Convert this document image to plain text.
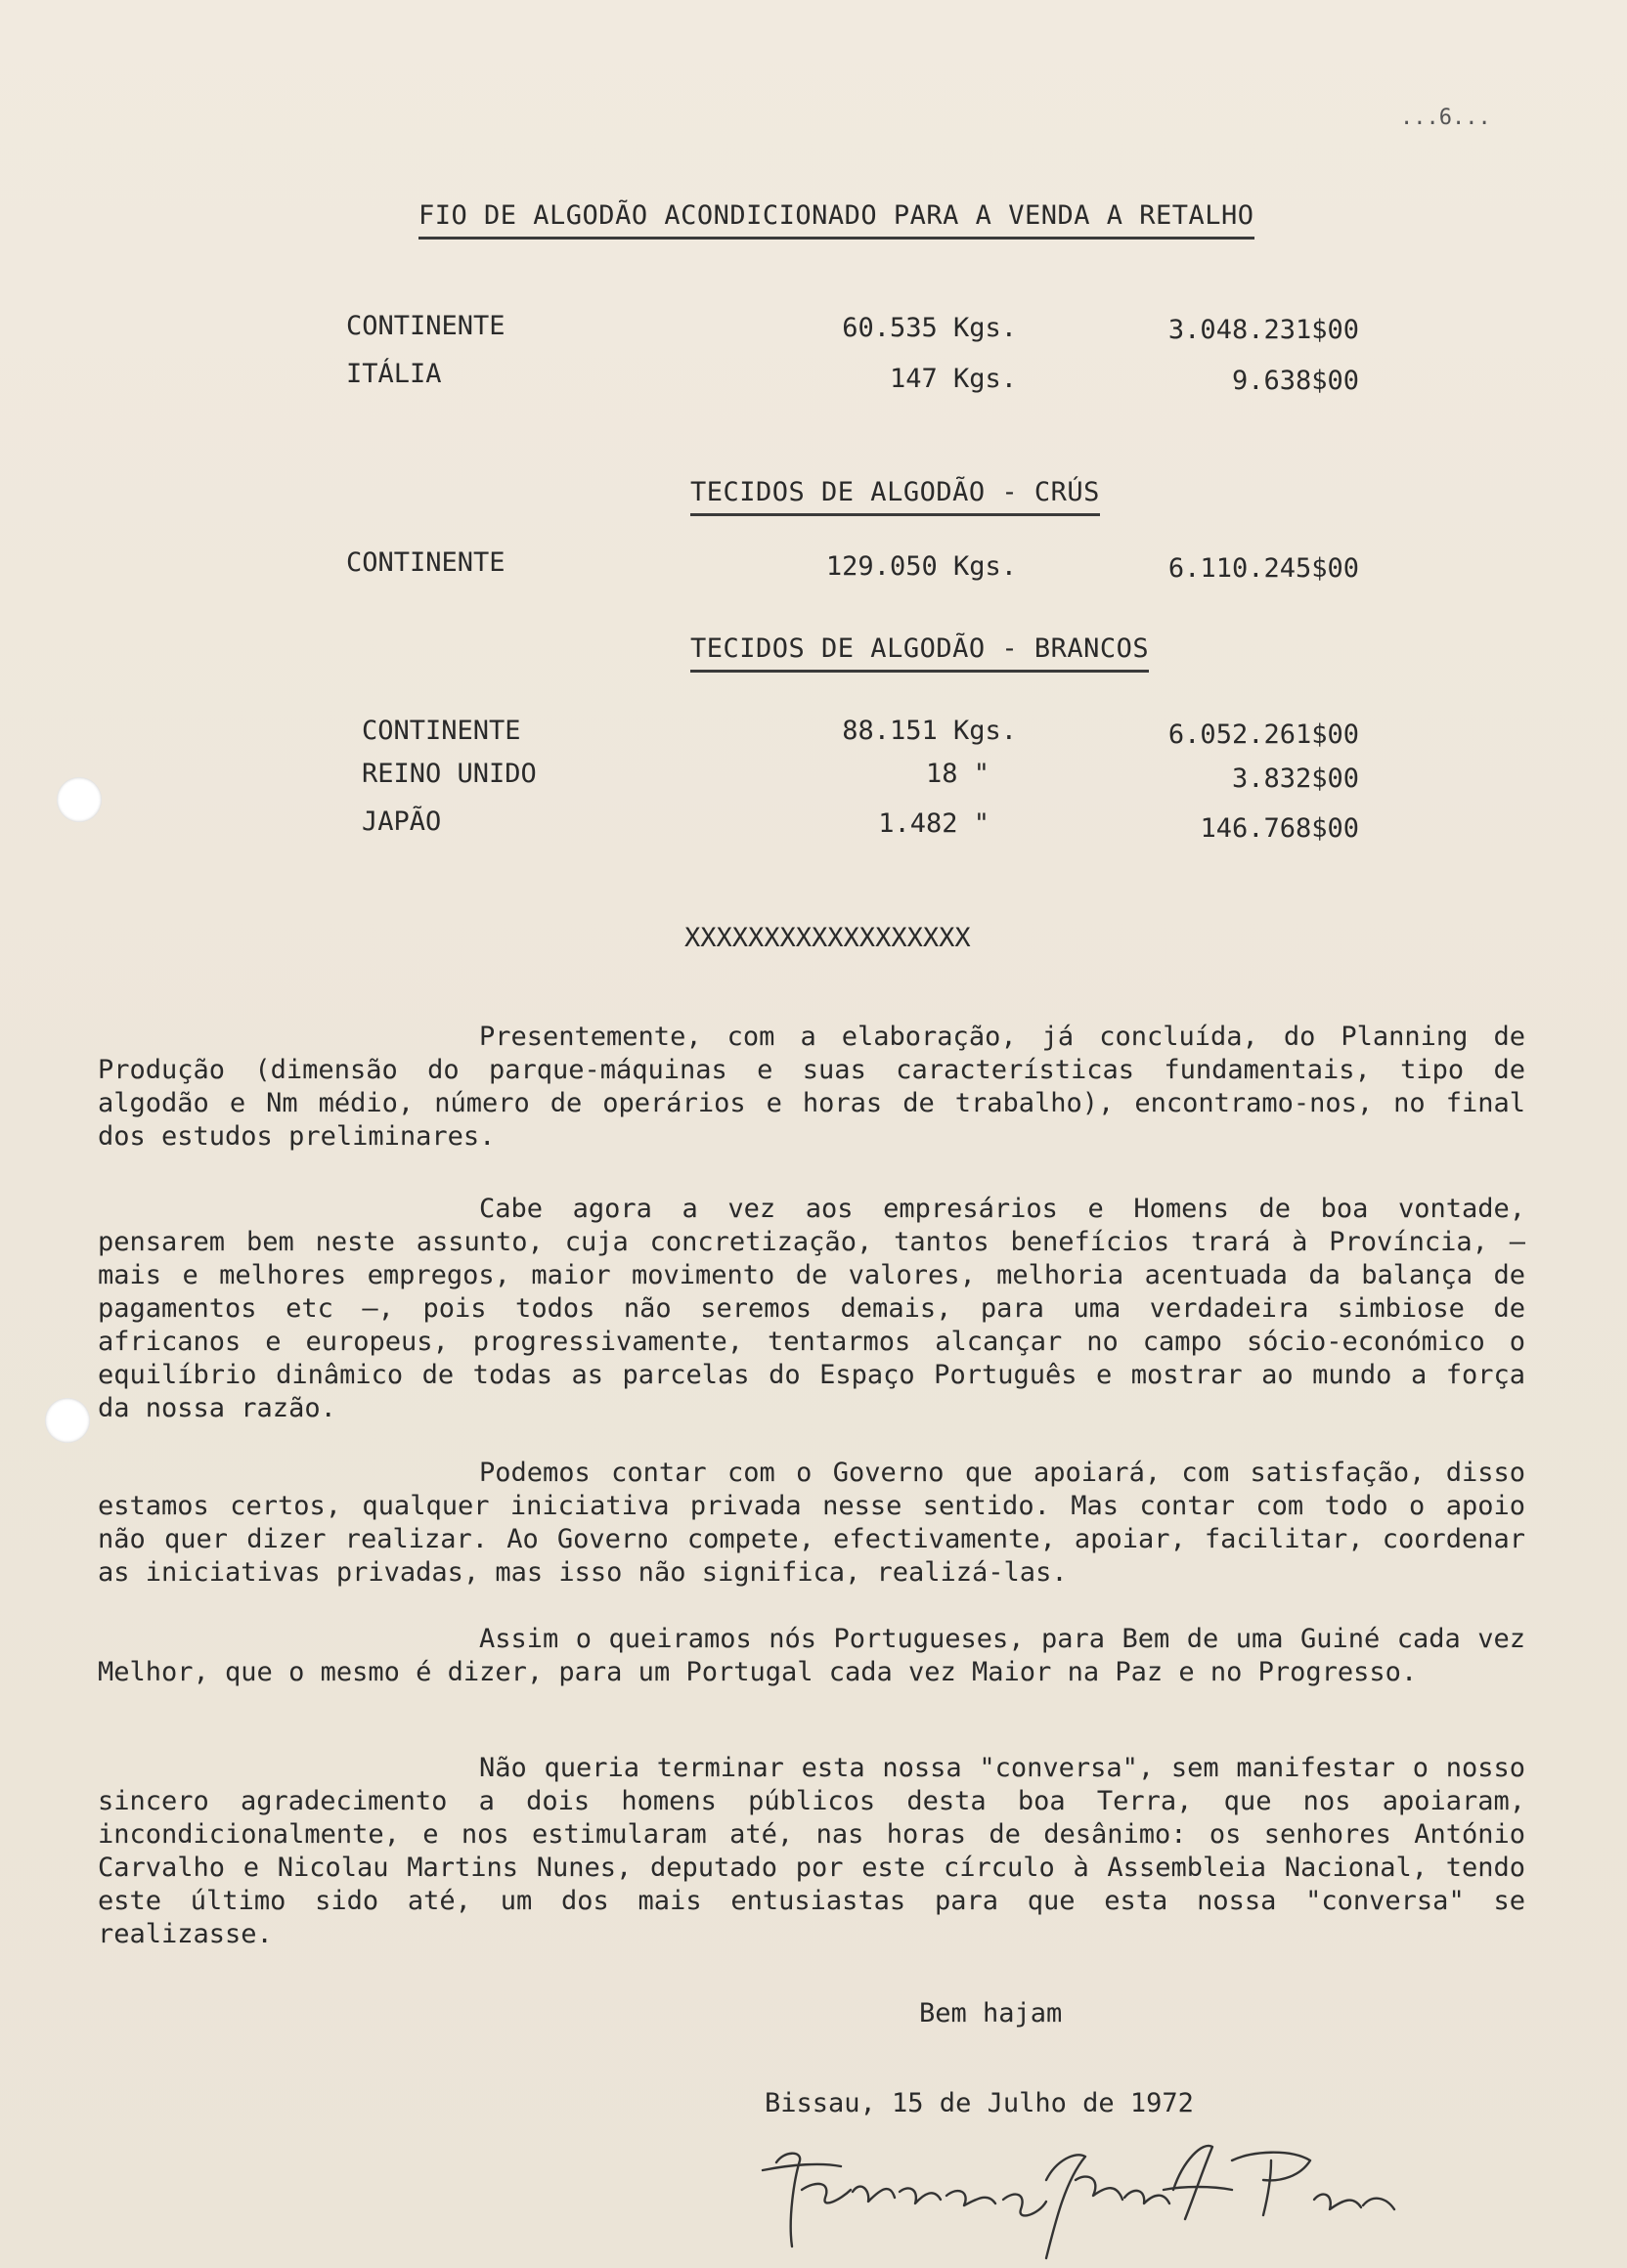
...6...
FIO DE ALGODÃO ACONDICIONADO PARA A VENDA A RETALHO
CONTINENTE	60.535 Kgs.	3.048.231$00
ITÁLIA	147 Kgs.	9.638$00
TECIDOS DE ALGODÃO - CRÚS
CONTINENTE	129.050 Kgs.	6.110.245$00
TECIDOS DE ALGODÃO - BRANCOS
CONTINENTE	88.151 Kgs.	6.052.261$00
REINO UNIDO	18 "	3.832$00
JAPÃO	1.482 "	146.768$00
XXXXXXXXXXXXXXXXXX
Presentemente, com a elaboração, já concluída, do Planning de Produção (dimensão do parque-máquinas e suas características fundamentais, tipo de algodão e Nm médio, número de operários e horas de trabalho), encontramo-nos, no final dos estudos preliminares.
Cabe agora a vez aos empresários e Homens de boa vontade, pensarem bem neste assunto, cuja concretização, tantos benefícios trará à Província, — mais e melhores empregos, maior movimento de valores, melhoria acentuada da balança de pagamentos etc —, pois todos não seremos demais, para uma verdadeira simbiose de africanos e europeus, progressivamente, tentarmos alcançar no campo sócio-económico o equilíbrio dinâmico de todas as parcelas do Espaço Português e mostrar ao mundo a força da nossa razão.
Podemos contar com o Governo que apoiará, com satisfação, disso estamos certos, qualquer iniciativa privada nesse sentido. Mas contar com todo o apoio não quer dizer realizar. Ao Governo compete, efectivamente, apoiar, facilitar, coordenar as iniciativas privadas, mas isso não significa, realizá-las.
Assim o queiramos nós Portugueses, para Bem de uma Guiné cada vez Melhor, que o mesmo é dizer, para um Portugal cada vez Maior na Paz e no Progresso.
Não queria terminar esta nossa "conversa", sem manifestar o nosso sincero agradecimento a dois homens públicos desta boa Terra, que nos apoiaram, incondicionalmente, e nos estimularam até, nas horas de desânimo: os senhores António Carvalho e Nicolau Martins Nunes, deputado por este círculo à Assembleia Nacional, tendo este último sido até, um dos mais entusiastas para que esta nossa "conversa" se realizasse.
Bem hajam
Bissau, 15 de Julho de 1972
